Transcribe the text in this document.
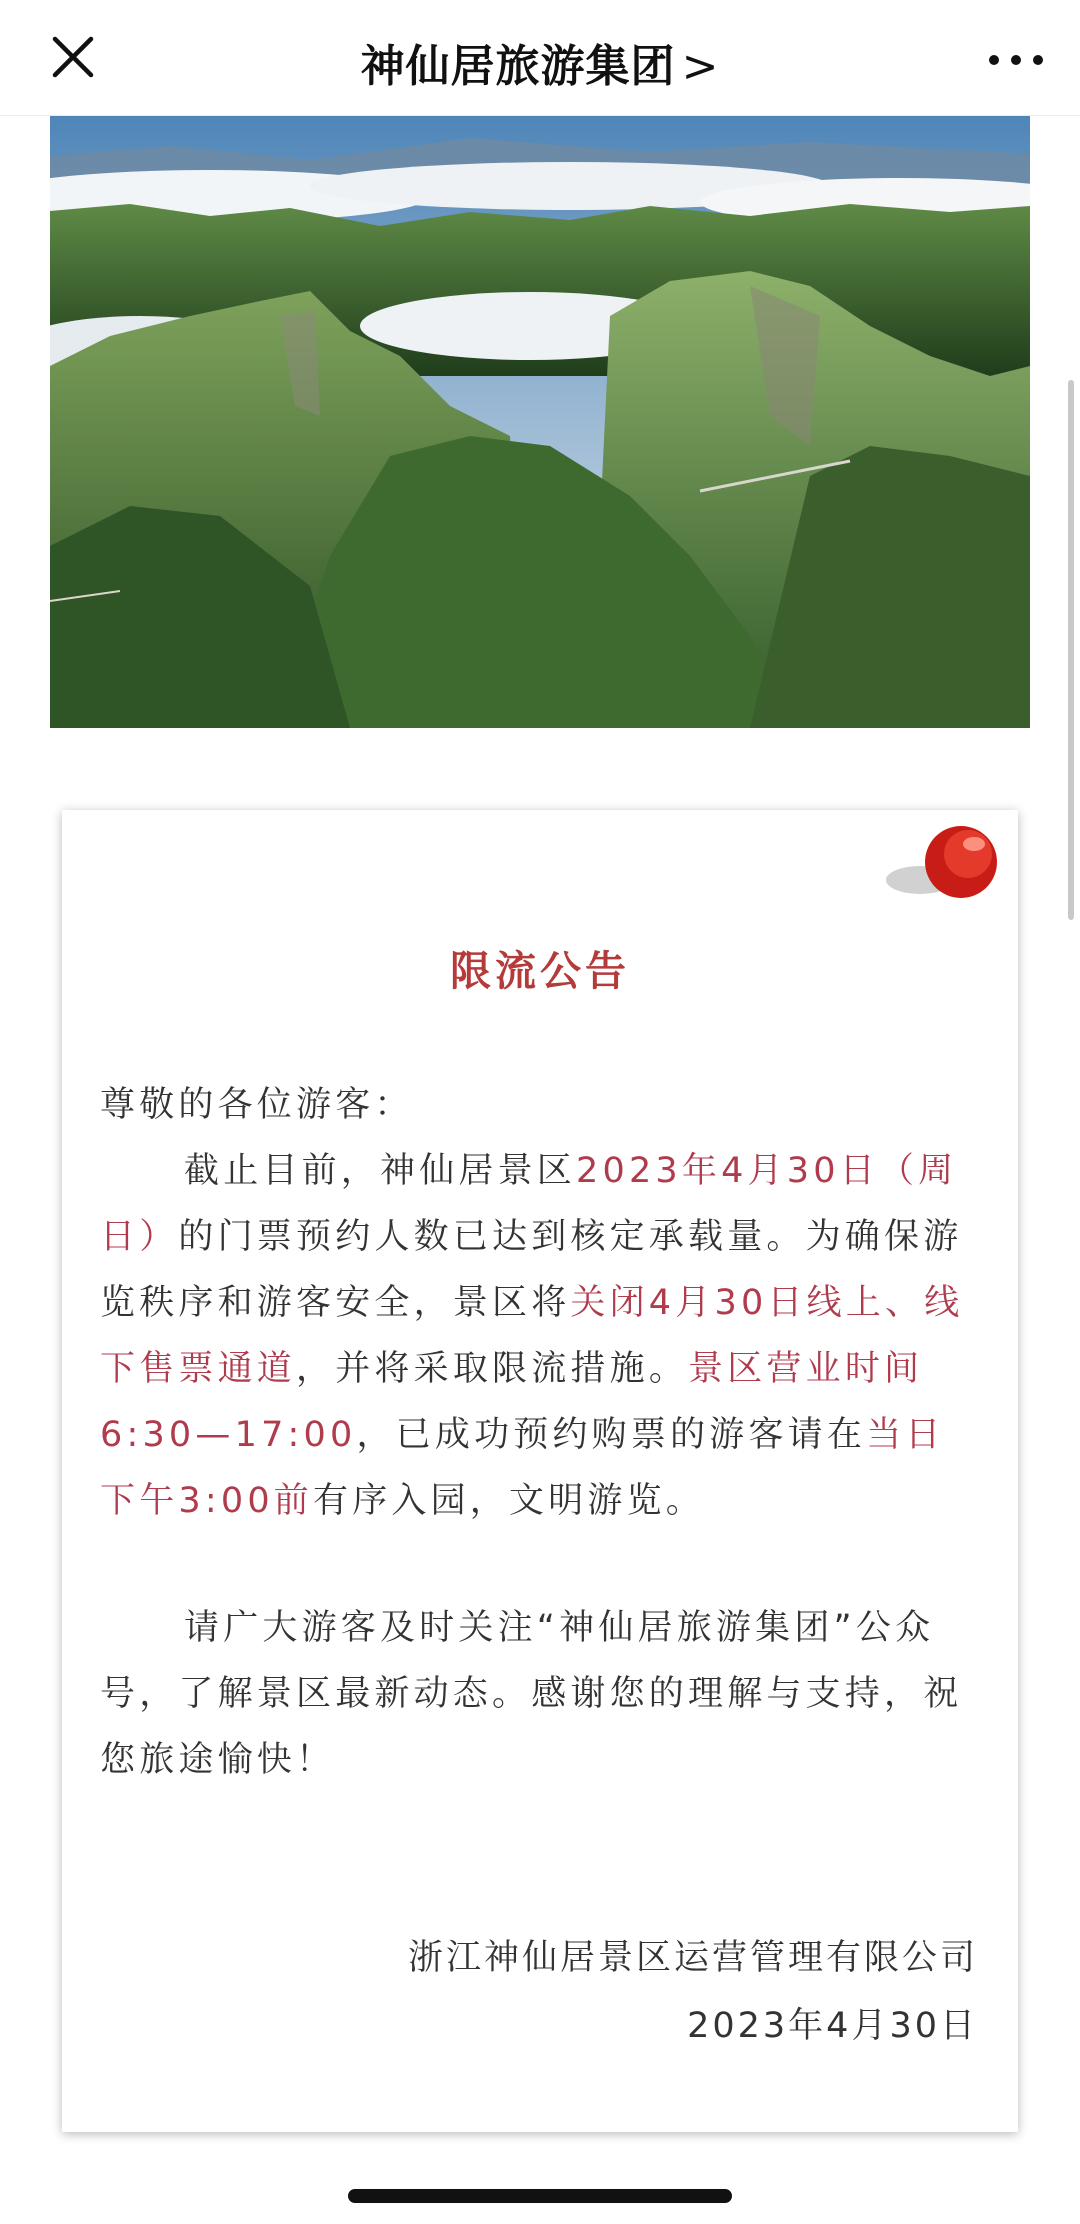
神仙居旅游集团 >
限流公告

尊敬的各位游客：

截止目前，神仙居景区2023年4月30日（周日）的门票预约人数已达到核定承载量。为确保游览秩序和游客安全，景区将关闭4月30日线上、线下售票通道，并将采取限流措施。景区营业时间6:30—17:00，已成功预约购票的游客请在当日下午3:00前有序入园，文明游览。

请广大游客及时关注“神仙居旅游集团”公众号，了解景区最新动态。感谢您的理解与支持，祝您旅途愉快！

浙江神仙居景区运营管理有限公司
2023年4月30日
